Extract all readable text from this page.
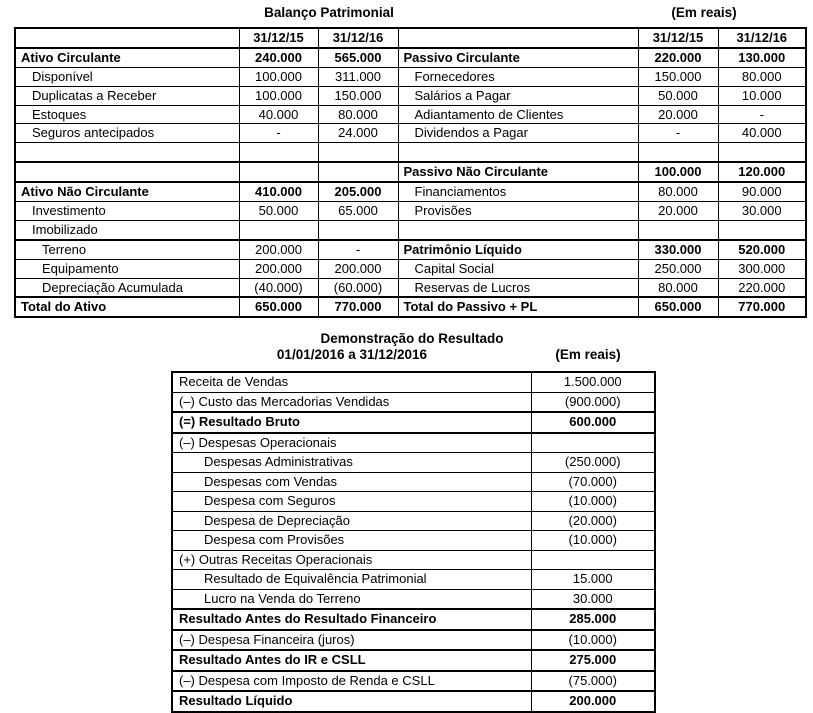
Balanço Patrimonial	(Em reais)
	31/12/15	31/12/16		31/12/15	31/12/16
Ativo Circulante	240.000	565.000	Passivo Circulante	220.000	130.000
Disponível	100.000	311.000	Fornecedores	150.000	80.000
Duplicatas a Receber	100.000	150.000	Salários a Pagar	50.000	10.000
Estoques	40.000	80.000	Adiantamento de Clientes	20.000	-
Seguros antecipados	-	24.000	Dividendos a Pagar	-	40.000

			Passivo Não Circulante	100.000	120.000
Ativo Não Circulante	410.000	205.000	Financiamentos	80.000	90.000
Investimento	50.000	65.000	Provisões	20.000	30.000
Imobilizado					
Terreno	200.000	-	Patrimônio Líquido	330.000	520.000
Equipamento	200.000	200.000	Capital Social	250.000	300.000
Depreciação Acumulada	(40.000)	(60.000)	Reservas de Lucros	80.000	220.000
Total do Ativo	650.000	770.000	Total do Passivo + PL	650.000	770.000
Demonstração do Resultado
01/01/2016 a 31/12/2016	(Em reais)
Receita de Vendas	1.500.000
(–) Custo das Mercadorias Vendidas	(900.000)
(=) Resultado Bruto	600.000
(–) Despesas Operacionais	
Despesas Administrativas	(250.000)
Despesas com Vendas	(70.000)
Despesa com Seguros	(10.000)
Despesa de Depreciação	(20.000)
Despesa com Provisões	(10.000)
(+) Outras Receitas Operacionais	
Resultado de Equivalência Patrimonial	15.000
Lucro na Venda do Terreno	30.000
Resultado Antes do Resultado Financeiro	285.000
(–) Despesa Financeira (juros)	(10.000)
Resultado Antes do IR e CSLL	275.000
(–) Despesa com Imposto de Renda e CSLL	(75.000)
Resultado Líquido	200.000
